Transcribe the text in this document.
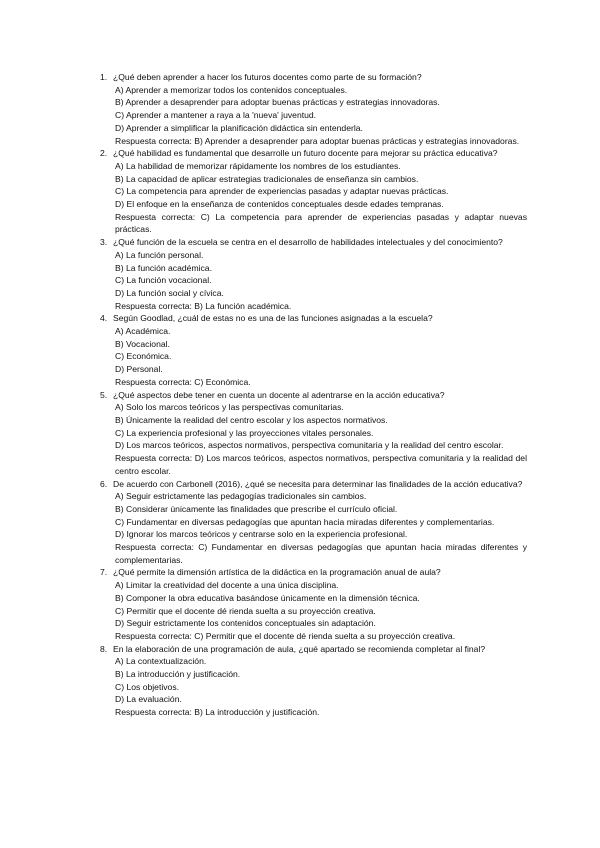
1. ¿Qué deben aprender a hacer los futuros docentes como parte de su formación?
A) Aprender a memorizar todos los contenidos conceptuales.
B) Aprender a desaprender para adoptar buenas prácticas y estrategias innovadoras.
C) Aprender a mantener a raya a la 'nueva' juventud.
D) Aprender a simplificar la planificación didáctica sin entenderla.
Respuesta correcta: B) Aprender a desaprender para adoptar buenas prácticas y estrategias innovadoras.
2. ¿Qué habilidad es fundamental que desarrolle un futuro docente para mejorar su práctica educativa?
A) La habilidad de memorizar rápidamente los nombres de los estudiantes.
B) La capacidad de aplicar estrategias tradicionales de enseñanza sin cambios.
C) La competencia para aprender de experiencias pasadas y adaptar nuevas prácticas.
D) El enfoque en la enseñanza de contenidos conceptuales desde edades tempranas.
Respuesta correcta: C) La competencia para aprender de experiencias pasadas y adaptar nuevas prácticas.
3. ¿Qué función de la escuela se centra en el desarrollo de habilidades intelectuales y del conocimiento?
A) La función personal.
B) La función académica.
C) La función vocacional.
D) La función social y cívica.
Respuesta correcta: B) La función académica.
4. Según Goodlad, ¿cuál de estas no es una de las funciones asignadas a la escuela?
A) Académica.
B) Vocacional.
C) Económica.
D) Personal.
Respuesta correcta: C) Económica.
5. ¿Qué aspectos debe tener en cuenta un docente al adentrarse en la acción educativa?
A) Solo los marcos teóricos y las perspectivas comunitarias.
B) Únicamente la realidad del centro escolar y los aspectos normativos.
C) La experiencia profesional y las proyecciones vitales personales.
D) Los marcos teóricos, aspectos normativos, perspectiva comunitaria y la realidad del centro escolar.
Respuesta correcta: D) Los marcos teóricos, aspectos normativos, perspectiva comunitaria y la realidad del centro escolar.
6. De acuerdo con Carbonell (2016), ¿qué se necesita para determinar las finalidades de la acción educativa?
A) Seguir estrictamente las pedagogías tradicionales sin cambios.
B) Considerar únicamente las finalidades que prescribe el currículo oficial.
C) Fundamentar en diversas pedagogías que apuntan hacia miradas diferentes y complementarias.
D) Ignorar los marcos teóricos y centrarse solo en la experiencia profesional.
Respuesta correcta: C) Fundamentar en diversas pedagogías que apuntan hacia miradas diferentes y complementarias.
7. ¿Qué permite la dimensión artística de la didáctica en la programación anual de aula?
A) Limitar la creatividad del docente a una única disciplina.
B) Componer la obra educativa basándose únicamente en la dimensión técnica.
C) Permitir que el docente dé rienda suelta a su proyección creativa.
D) Seguir estrictamente los contenidos conceptuales sin adaptación.
Respuesta correcta: C) Permitir que el docente dé rienda suelta a su proyección creativa.
8. En la elaboración de una programación de aula, ¿qué apartado se recomienda completar al final?
A) La contextualización.
B) La introducción y justificación.
C) Los objetivos.
D) La evaluación.
Respuesta correcta: B) La introducción y justificación.
